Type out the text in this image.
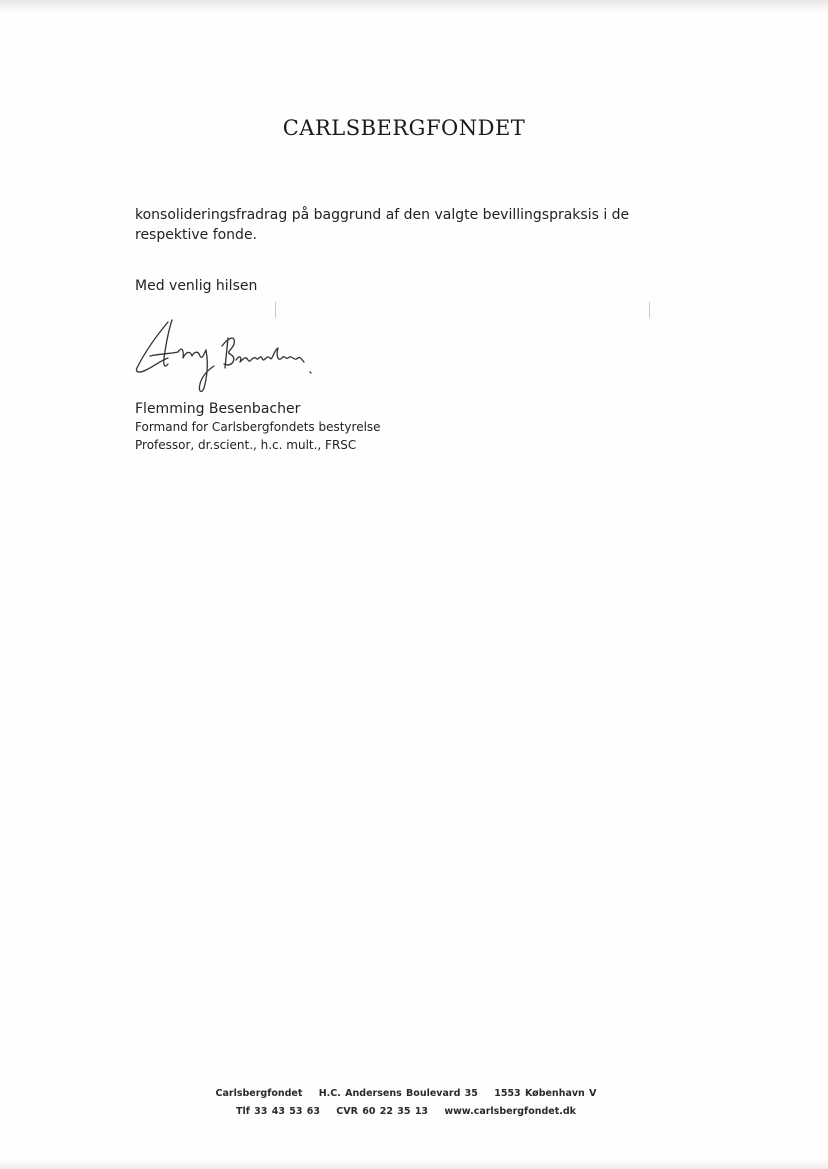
CARLSBERGFONDET
konsolideringsfradrag på baggrund af den valgte bevillingspraksis i de respektive fonde.
Med venlig hilsen
Flemming Besenbacher
Formand for Carlsbergfondets bestyrelse
Professor, dr.scient., h.c. mult., FRSC
Carlsbergfondet H.C. Andersens Boulevard 35 1553 København V
Tlf 33 43 53 63 CVR 60 22 35 13 www.carlsbergfondet.dk
